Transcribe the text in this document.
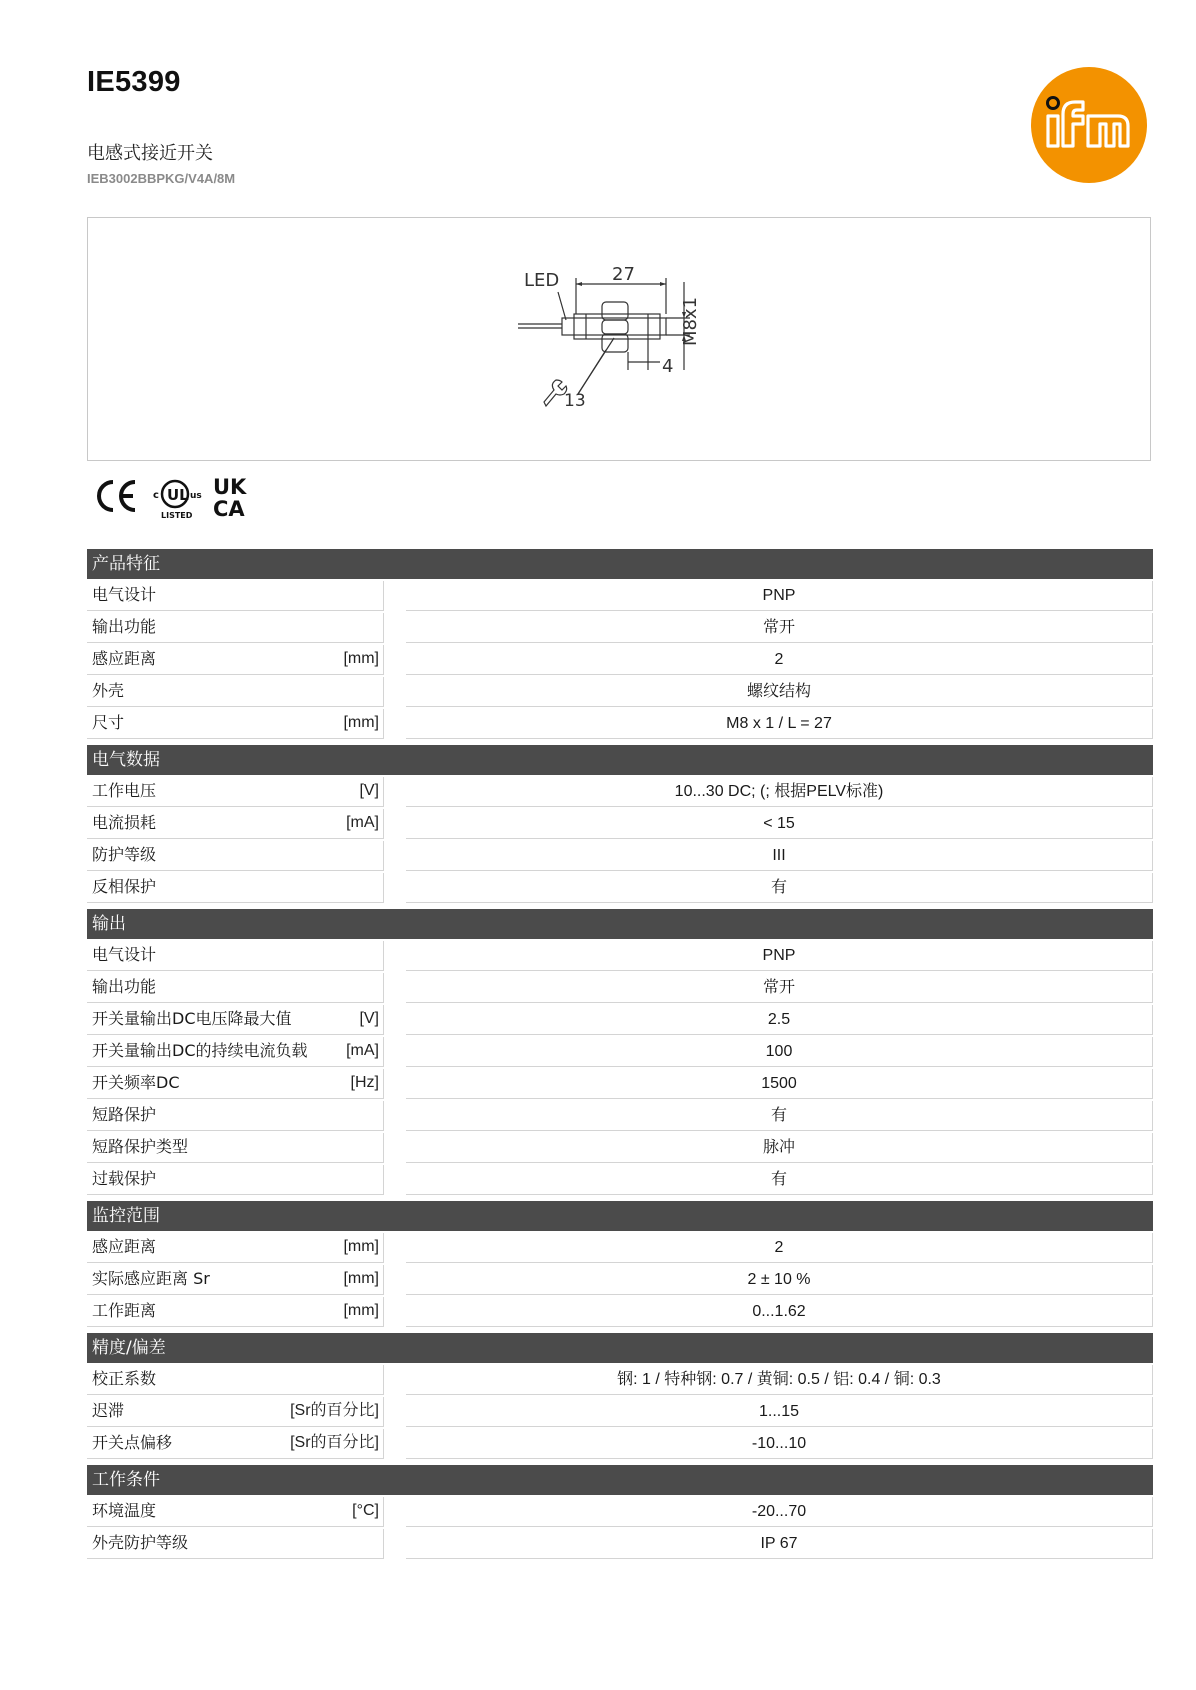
IE5399
电感式接近开关
IEB3002BBPKG/V4A/8M
LED	27
M8x1
4
13
UL
c	us
LISTED
UK
CA
产品特征
电气设计	PNP
输出功能	常开
感应距离	[mm]	2
外壳	螺纹结构
尺寸	[mm]	M8 x 1 / L = 27
电气数据
工作电压	[V]	10...30 DC; (; 根据PELV标准)
电流损耗	[mA]	< 15
防护等级	III
反相保护	有
输出
电气设计	PNP
输出功能	常开
开关量输出DC电压降最大值	[V]	2.5
开关量输出DC的持续电流负载 [mA]	100
开关频率DC	[Hz]	1500
短路保护	有
短路保护类型	脉冲
过载保护	有
监控范围
感应距离	[mm]	2
实际感应距离 Sr	[mm]	2 ± 10 %
工作距离	[mm]	0...1.62
精度/偏差
校正系数	钢: 1 / 特种钢: 0.7 / 黄铜: 0.5 / 铝: 0.4 / 铜: 0.3
迟滞	[Sr的百分比]	1...15
开关点偏移	[Sr的百分比]	-10...10
工作条件
环境温度	[°C]	-20...70
外壳防护等级	IP 67
